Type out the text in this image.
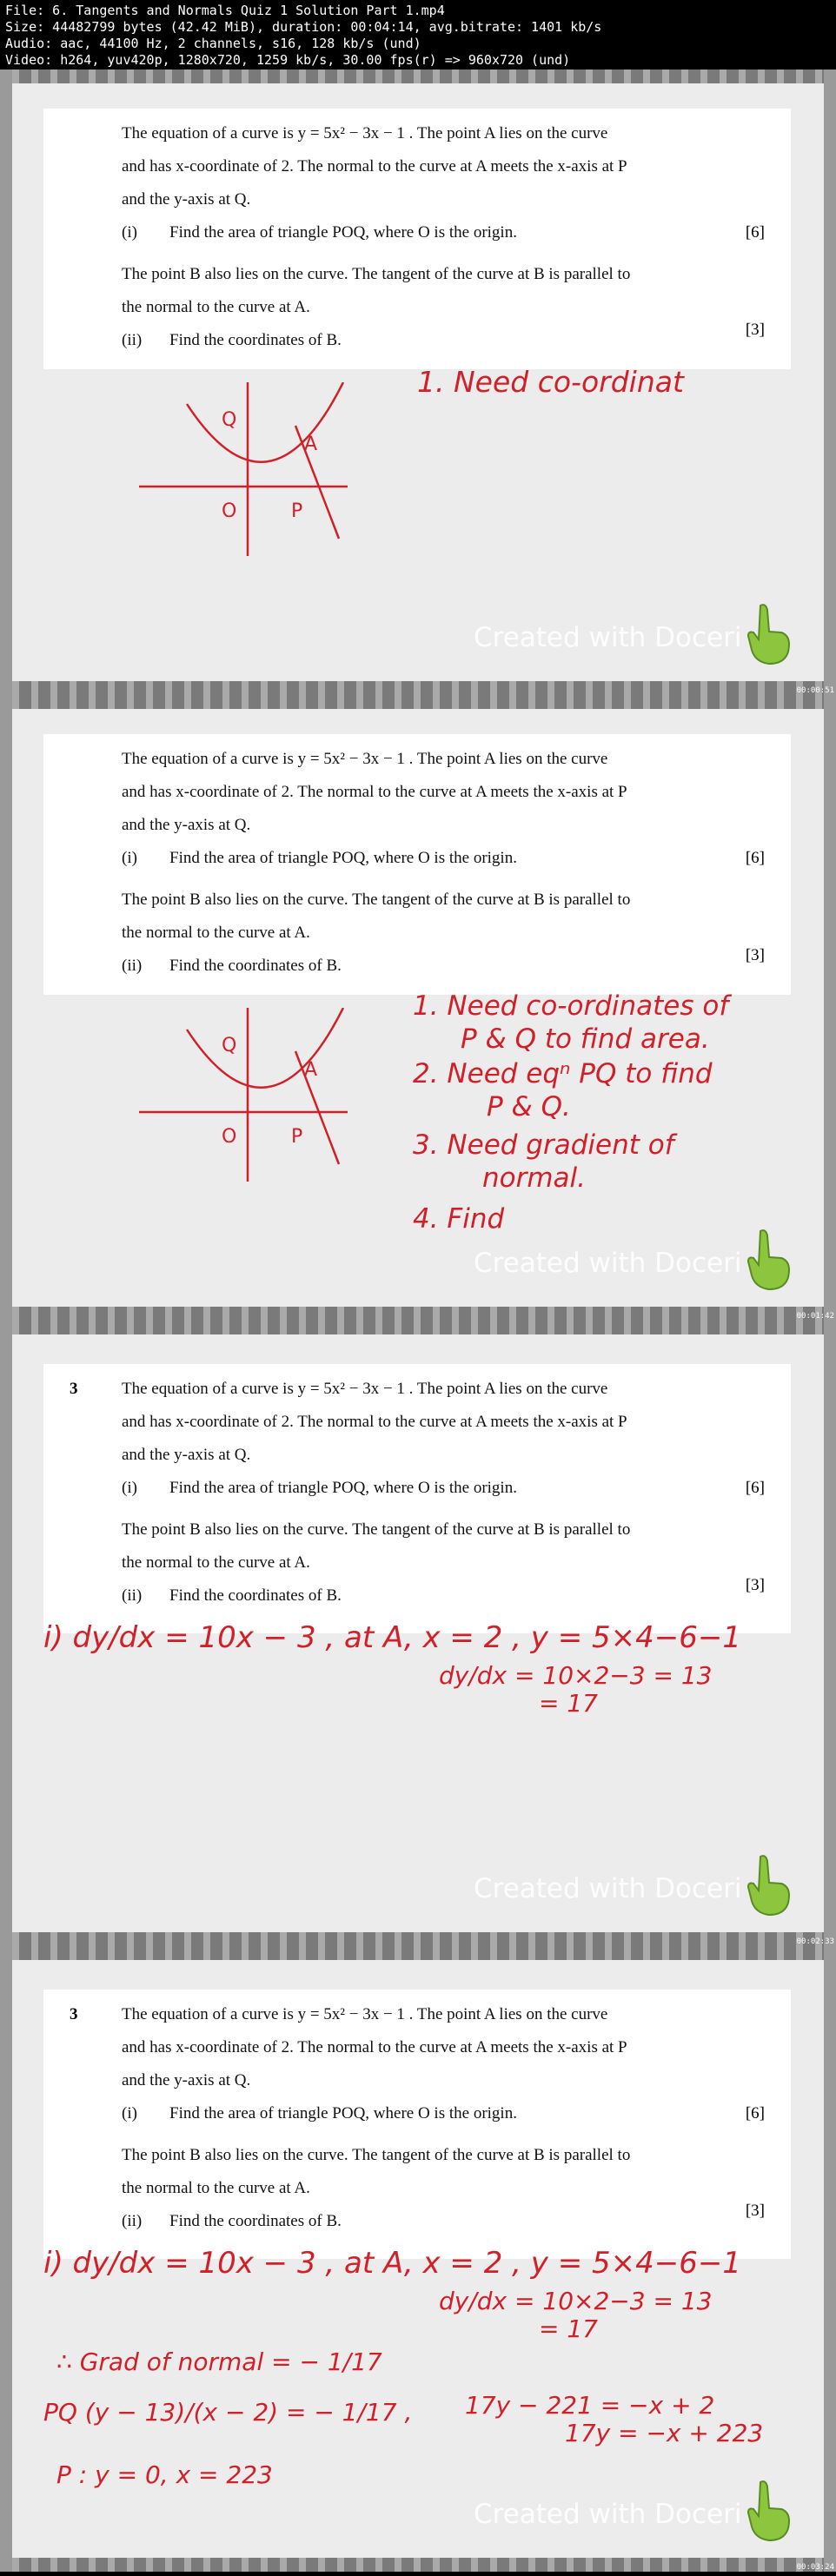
File: 6. Tangents and Normals Quiz 1 Solution Part 1.mp4
Size: 44482799 bytes (42.42 MiB), duration: 00:04:14, avg.bitrate: 1401 kb/s
Audio: aac, 44100 Hz, 2 channels, s16, 128 kb/s (und)
Video: h264, yuv420p, 1280x720, 1259 kb/s, 30.00 fps(r) => 960x720 (und)
The equation of a curve is y = 5x² − 3x − 1 . The point A lies on the curve
and has x-coordinate of 2. The normal to the curve at A meets the x-axis at P
and the y-axis at Q.
(i) Find the area of triangle POQ, where O is the origin.	[6]
The point B also lies on the curve. The tangent of the curve at B is parallel to
the normal to the curve at A.
(ii) Find the coordinates of B.
[3]
Q
A
O	P
1. Need co-ordinat
Created with Doceri
00:00:51
The equation of a curve is y = 5x² − 3x − 1 . The point A lies on the curve
and has x-coordinate of 2. The normal to the curve at A meets the x-axis at P
and the y-axis at Q.
(i) Find the area of triangle POQ, where O is the origin.	[6]
The point B also lies on the curve. The tangent of the curve at B is parallel to
the normal to the curve at A.
(ii) Find the coordinates of B.
[3]
Q
A
O	P
1. Need co-ordinates of
P & Q to find area.
2. Need eqⁿ PQ to find
P & Q.
3. Need gradient of
normal.
4. Find
Created with Doceri
00:01:42
3	The equation of a curve is y = 5x² − 3x − 1 . The point A lies on the curve
and has x-coordinate of 2. The normal to the curve at A meets the x-axis at P
and the y-axis at Q.
(i) Find the area of triangle POQ, where O is the origin.	[6]
The point B also lies on the curve. The tangent of the curve at B is parallel to
the normal to the curve at A.
(ii) Find the coordinates of B.
[3]
i) dy/dx = 10x − 3 , at A, x = 2 , y = 5×4−6−1
dy/dx = 10×2−3 = 13
= 17
Created with Doceri
00:02:33
3	The equation of a curve is y = 5x² − 3x − 1 . The point A lies on the curve
and has x-coordinate of 2. The normal to the curve at A meets the x-axis at P
and the y-axis at Q.
(i) Find the area of triangle POQ, where O is the origin.	[6]
The point B also lies on the curve. The tangent of the curve at B is parallel to
the normal to the curve at A.
(ii) Find the coordinates of B.
[3]
i) dy/dx = 10x − 3 , at A, x = 2 , y = 5×4−6−1
dy/dx = 10×2−3 = 13
= 17
∴ Grad of normal = − 1/17
PQ (y − 13)/(x − 2) = − 1/17 , 17y − 221 = −x + 2
17y = −x + 223
P : y = 0, x = 223
Created with Doceri
00:03:24
